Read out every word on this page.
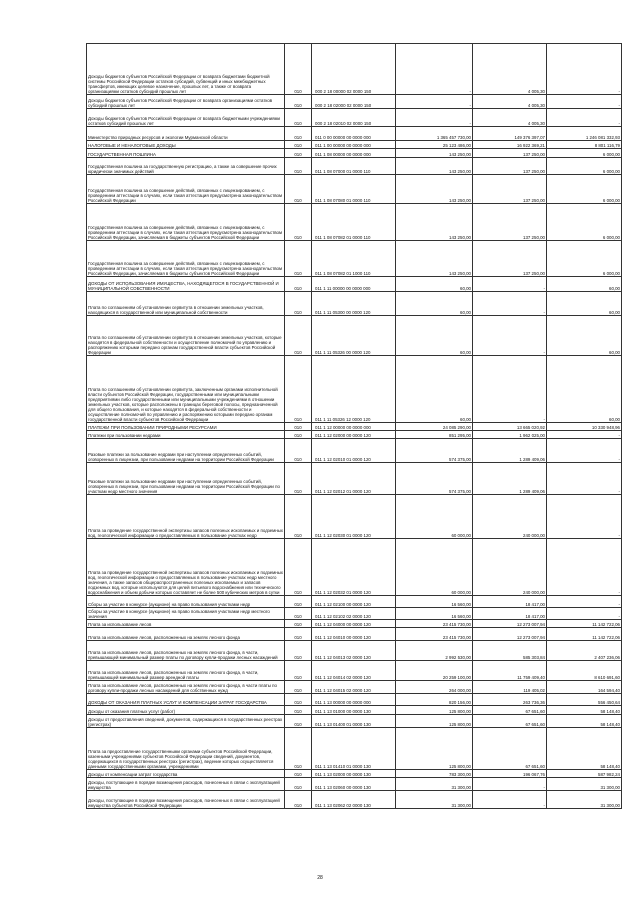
Доходы бюджетов субъектов Российской Федерации от возврата бюджетами бюджетной системы Российской Федерации остатков субсидий, субвенций и иных межбюджетных трансфертов, имеющих целевое назначение, прошлых лет, а также от возврата организациями остатков субсидий прошлых лет	010	000 2 18 00000 02 0000 150	-	4 005,30	-
Доходы бюджетов субъектов Российской Федерации от возврата организациями остатков субсидий прошлых лет	010	000 2 18 02000 02 0000 150	-	4 005,30	-
Доходы бюджетов субъектов Российской Федерации от возврата бюджетными учреждениями остатков субсидий прошлых лет	010	000 2 18 02010 02 0000 150	-	4 005,30	-
Министерство природных ресурсов и экологии Мурманской области	010	011 0 00 00000 00 0000 000	1 365 457 730,00	149 376 397,07	1 246 081 332,93
НАЛОГОВЫЕ И НЕНАЛОГОВЫЕ ДОХОДЫ	010	011 1 00 00000 00 0000 000	25 123 486,00	16 922 369,21	8 801 116,79
ГОСУДАРСТВЕННАЯ ПОШЛИНА	010	011 1 08 00000 00 0000 000	143 250,00	137 250,00	6 000,00
Государственная пошлина за государственную регистрацию, а также за совершение прочих юридически значимых действий	010	011 1 08 07000 01 0000 110	143 250,00	137 250,00	6 000,00
Государственная пошлина за совершение действий, связанных с лицензированием, с проведением аттестации в случаях, если такая аттестация предусмотрена законодательством Российской Федерации	010	011 1 08 07080 01 0000 110	143 250,00	137 250,00	6 000,00
Государственная пошлина за совершение действий, связанных с лицензированием, с проведением аттестации в случаях, если такая аттестация предусмотрена законодательством Российской Федерации, зачисляемая в бюджеты субъектов Российской Федерации	010	011 1 08 07082 01 0000 110	143 250,00	137 250,00	6 000,00
Государственная пошлина за совершение действий, связанных с лицензированием, с проведением аттестации в случаях, если такая аттестация предусмотрена законодательством Российской Федерации, зачисляемая в бюджеты субъектов Российской Федерации	010	011 1 08 07082 01 1000 110	143 250,00	137 250,00	6 000,00
ДОХОДЫ ОТ ИСПОЛЬЗОВАНИЯ ИМУЩЕСТВА, НАХОДЯЩЕГОСЯ В ГОСУДАРСТВЕННОЙ И МУНИЦИПАЛЬНОЙ СОБСТВЕННОСТИ	010	011 1 11 00000 00 0000 000	60,00	-	60,00
Плата по соглашениям об установлении сервитута в отношении земельных участков, находящихся в государственной или муниципальной собственности	010	011 1 11 05300 00 0000 120	60,00	-	60,00
Плата по соглашениям об установлении сервитута в отношении земельных участков, которые находятся в федеральной собственности и осуществление полномочий по управлению и распоряжению которыми передано органам государственной власти субъектов Российской Федерации	010	011 1 11 05326 00 0000 120	60,00	-	60,00
Плата по соглашениям об установлении сервитута, заключенным органами исполнительной власти субъектов Российской Федерации, государственными или муниципальными предприятиями либо государственными или муниципальными учреждениями в отношении земельных участков, которые расположены в границах береговой полосы, предназначенной для общего пользования, и которые находятся в федеральной собственности и осуществление полномочий по управлению и распоряжению которыми передано органам государственной власти субъектов Российской Федерации	010	011 1 11 05326 12 0000 120	60,00	-	60,00
ПЛАТЕЖИ ПРИ ПОЛЬЗОВАНИИ ПРИРОДНЫМИ РЕСУРСАМИ	010	011 1 12 00000 00 0000 000	24 085 290,00	13 665 020,92	10 330 948,96
Платежи при пользовании недрами	010	011 1 12 02000 00 0000 120	851 295,00	1 962 025,00	-
Разовые платежи за пользование недрами при наступлении определенных событий, оговоренных в лицензии, при пользовании недрами на территории Российской Федерации	010	011 1 12 02010 01 0000 120	574 375,00	1 289 409,06	-
Разовые платежи за пользование недрами при наступлении определенных событий, оговоренных в лицензии, при пользовании недрами на территории Российской Федерации по участкам недр местного значения	010	011 1 12 02012 01 0000 120	574 375,00	1 289 409,06	-
Плата за проведение государственной экспертизы запасов полезных ископаемых и подземных вод, геологической информации о предоставляемых в пользование участках недр	010	011 1 12 02030 01 0000 120	60 000,00	240 000,00	-
Плата за проведение государственной экспертизы запасов полезных ископаемых и подземных вод, геологической информации о предоставляемых в пользование участках недр местного значения, а также запасов общераспространенных полезных ископаемых и запасов подземных вод, которые используются для целей питьевого водоснабжения или технического водоснабжения и объем добычи которых составляет не более 500 кубических метров в сутки	010	011 1 12 02032 01 0000 120	60 000,00	240 000,00	-
Сборы за участие в конкурсе (аукционе) на право пользования участками недр	010	011 1 12 02100 00 0000 120	16 560,00	18 417,00	-
Сборы за участие в конкурсе (аукционе) на право пользования участками недр местного значения	010	011 1 12 02102 02 0000 120	16 560,00	18 417,00	-
Плата за использование лесов	010	011 1 12 04000 00 0000 120	23 415 730,00	12 273 007,94	11 142 722,06
Плата за использование лесов, расположенных на землях лесного фонда	010	011 1 12 04010 00 0000 120	23 415 730,00	12 273 007,94	11 142 722,06
Плата за использование лесов, расположенных на землях лесного фонда, в части, превышающей минимальный размер платы по договору купли-продажи лесных насаждений	010	011 1 12 04013 02 0000 120	2 992 530,00	585 303,84	2 407 236,06
Плата за использование лесов, расположенных на землях лесного фонда, в части, превышающей минимальный размер арендной платы	010	011 1 12 04014 02 0000 120	20 259 100,00	11 759 409,40	8 610 691,60
Плата за использование лесов, расположенных на землях лесного фонда, в части платы по договору купли-продажи лесных насаждений для собственных нужд	010	011 1 12 04015 02 0000 120	264 000,00	119 405,02	164 594,40
ДОХОДЫ ОТ ОКАЗАНИЯ ПЛАТНЫХ УСЛУГ И КОМПЕНСАЦИИ ЗАТРАТ ГОСУДАРСТВА	010	011 1 13 00000 00 0000 000	820 156,00	263 736,36	556 450,64
Доходы от оказания платных услуг (работ)	010	011 1 13 01000 00 0000 130	125 800,00	67 651,60	58 148,40
Доходы от предоставления сведений, документов, содержащихся в государственных реестрах (регистрах)	010	011 1 13 01400 01 0000 130	125 800,00	67 651,60	58 148,40
Плата за предоставление государственными органами субъектов Российской Федерации, казенными учреждениями субъектов Российской Федерации сведений, документов, содержащихся в государственных реестрах (регистрах), ведение которых осуществляется данными государственными органами, учреждениями	010	011 1 13 01410 01 0000 130	125 800,00	67 651,60	58 148,40
Доходы от компенсации затрат государства	010	011 1 13 02000 00 0000 130	783 300,00	196 067,76	587 982,24
Доходы, поступающие в порядке возмещения расходов, понесенных в связи с эксплуатацией имущества	010	011 1 13 02060 00 0000 130	31 300,00	-	31 300,00
Доходы, поступающие в порядке возмещения расходов, понесенных в связи с эксплуатацией имущества субъектов Российской Федерации	010	011 1 13 02062 02 0000 130	31 300,00	-	31 300,00
28
